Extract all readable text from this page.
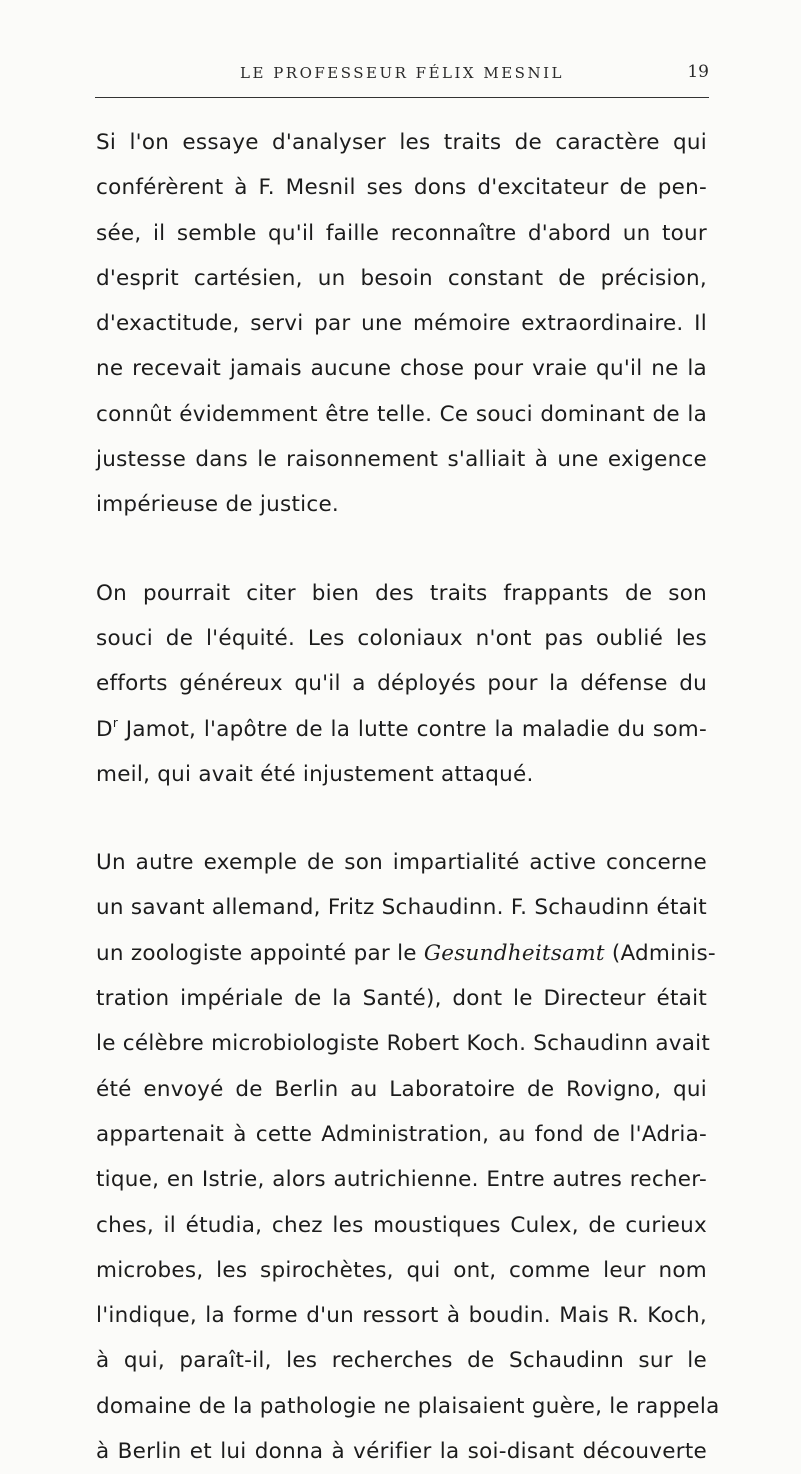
LE PROFESSEUR FÉLIX MESNIL	19
Si l'on essaye d'analyser les traits de caractère qui
conférèrent à F. Mesnil ses dons d'excitateur de pen-
sée, il semble qu'il faille reconnaître d'abord un tour
d'esprit cartésien, un besoin constant de précision,
d'exactitude, servi par une mémoire extraordinaire. Il
ne recevait jamais aucune chose pour vraie qu'il ne la
connût évidemment être telle. Ce souci dominant de la
justesse dans le raisonnement s'alliait à une exigence
impérieuse de justice.
On pourrait citer bien des traits frappants de son
souci de l'équité. Les coloniaux n'ont pas oublié les
efforts généreux qu'il a déployés pour la défense du
$D^r$ Jamot, l'apôtre de la lutte contre la maladie du som-
meil, qui avait été injustement attaqué.
Un autre exemple de son impartialité active concerne
un savant allemand, Fritz Schaudinn. F. Schaudinn était
un zoologiste appointé par le Gesundheitsamt (Adminis-
tration impériale de la Santé), dont le Directeur était
le célèbre microbiologiste Robert Koch. Schaudinn avait
été envoyé de Berlin au Laboratoire de Rovigno, qui
appartenait à cette Administration, au fond de l'Adria-
tique, en Istrie, alors autrichienne. Entre autres recher-
ches, il étudia, chez les moustiques Culex, de curieux
microbes, les spirochètes, qui ont, comme leur nom
l'indique, la forme d'un ressort à boudin. Mais R. Koch,
à qui, paraît-il, les recherches de Schaudinn sur le
domaine de la pathologie ne plaisaient guère, le rappela
à Berlin et lui donna à vérifier la soi-disant découverte
